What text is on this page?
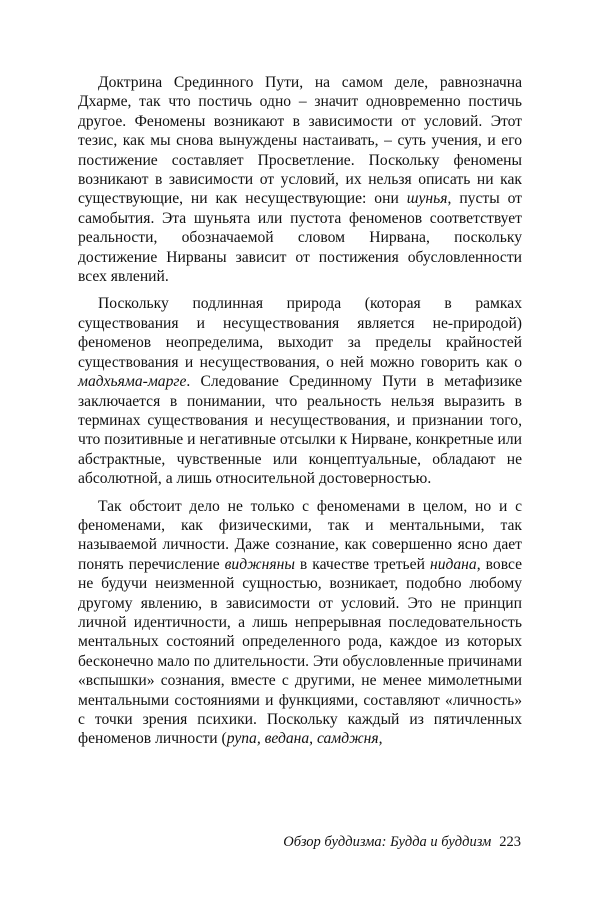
Доктрина Срединного Пути, на самом деле, равнозначна Дхарме, так что постичь одно – значит одновременно постичь другое. Феномены возникают в зависимости от условий. Этот тезис, как мы снова вынуждены настаивать, – суть учения, и его постижение составляет Просветление. Поскольку феномены возникают в зависимости от условий, их нельзя описать ни как существующие, ни как несуществующие: они шунья, пусты от самобытия. Эта шуньята или пустота феноменов соответствует реальности, обозначаемой словом Нирвана, поскольку достижение Нирваны зависит от постижения обусловленности всех явлений.

Поскольку подлинная природа (которая в рамках существования и несуществования является не-природой) феноменов неопределима, выходит за пределы крайностей существования и несуществования, о ней можно говорить как о мадхьяма-марге. Следование Срединному Пути в метафизике заключается в понимании, что реальность нельзя выразить в терминах существования и несуществования, и признании того, что позитивные и негативные отсылки к Нирване, конкретные или абстрактные, чувственные или концептуальные, обладают не абсолютной, а лишь относительной достоверностью.

Так обстоит дело не только с феноменами в целом, но и с феноменами, как физическими, так и ментальными, так называемой личности. Даже сознание, как совершенно ясно дает понять перечисление виджняны в качестве третьей нидана, вовсе не будучи неизменной сущностью, возникает, подобно любому другому явлению, в зависимости от условий. Это не принцип личной идентичности, а лишь непрерывная последовательность ментальных состояний определенного рода, каждое из которых бесконечно мало по длительности. Эти обусловленные причинами «вспышки» сознания, вместе с другими, не менее мимолетными ментальными состояниями и функциями, составляют «личность» с точки зрения психики. Поскольку каждый из пятичленных феноменов личности (рупа, ведана, самджня,

Обзор буддизма: Будда и буддизм 223
